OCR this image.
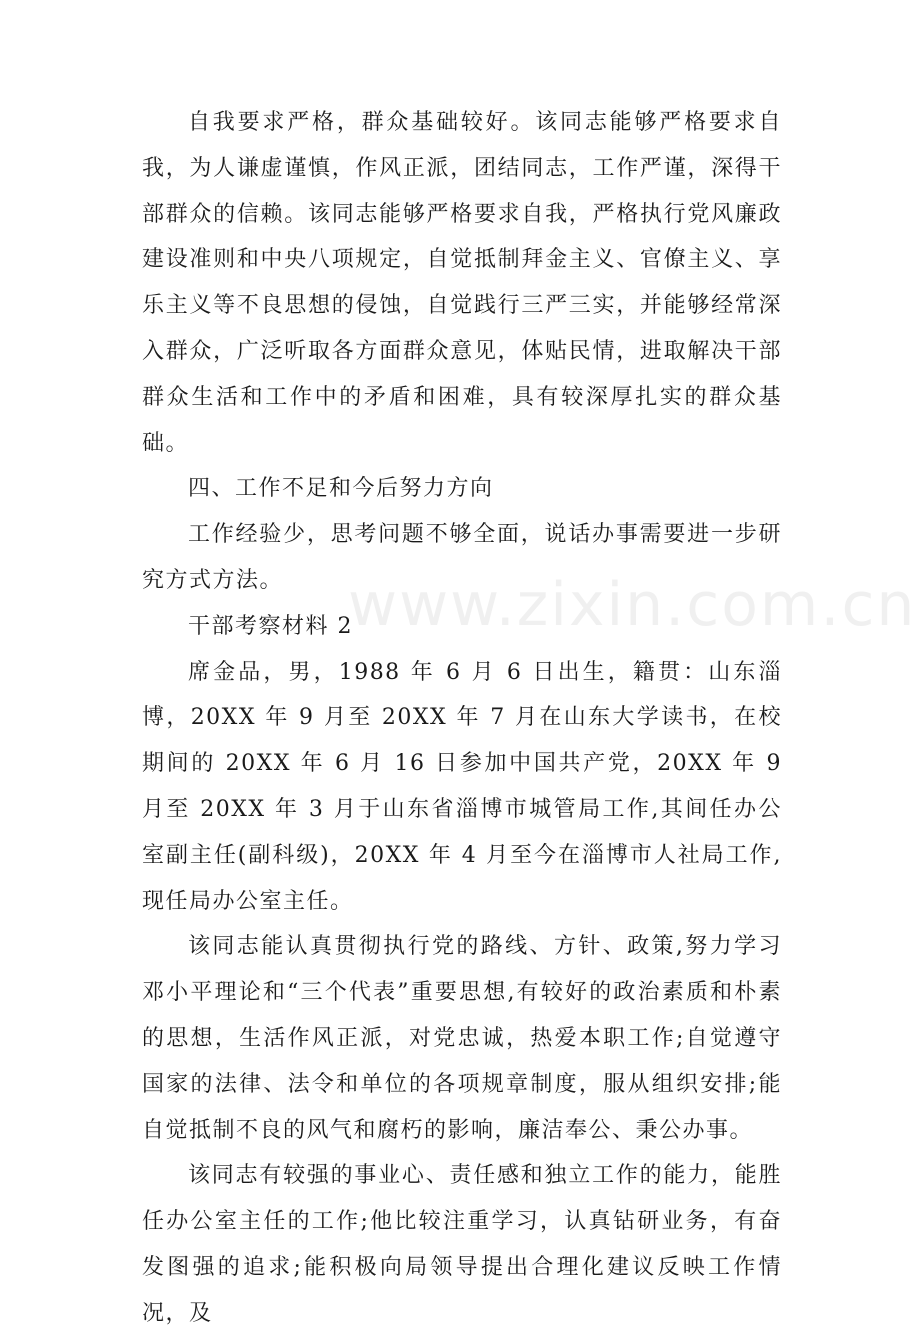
自我要求严格，群众基础较好。该同志能够严格要求自我，为人谦虚谨慎，作风正派，团结同志，工作严谨，深得干部群众的信赖。该同志能够严格要求自我，严格执行党风廉政建设准则和中央八项规定，自觉抵制拜金主义、官僚主义、享乐主义等不良思想的侵蚀，自觉践行三严三实，并能够经常深入群众，广泛听取各方面群众意见，体贴民情，进取解决干部群众生活和工作中的矛盾和困难，具有较深厚扎实的群众基础。

四、工作不足和今后努力方向

工作经验少，思考问题不够全面，说话办事需要进一步研究方式方法。

干部考察材料 2

席金品，男，1988 年 6 月 6 日出生，籍贯：山东淄博，20XX 年 9 月至 20XX 年 7 月在山东大学读书，在校期间的 20XX 年 6 月 16 日参加中国共产党，20XX 年 9 月至 20XX 年 3 月于山东省淄博市城管局工作,其间任办公室副主任(副科级)，20XX 年 4 月至今在淄博市人社局工作,现任局办公室主任。

该同志能认真贯彻执行党的路线、方针、政策,努力学习邓小平理论和“三个代表”重要思想,有较好的政治素质和朴素的思想，生活作风正派，对党忠诚，热爱本职工作;自觉遵守国家的法律、法令和单位的各项规章制度，服从组织安排;能自觉抵制不良的风气和腐朽的影响，廉洁奉公、秉公办事。

该同志有较强的事业心、责任感和独立工作的能力，能胜任办公室主任的工作;他比较注重学习，认真钻研业务，有奋发图强的追求;能积极向局领导提出合理化建议反映工作情况，及

www.zixin.com.cn
